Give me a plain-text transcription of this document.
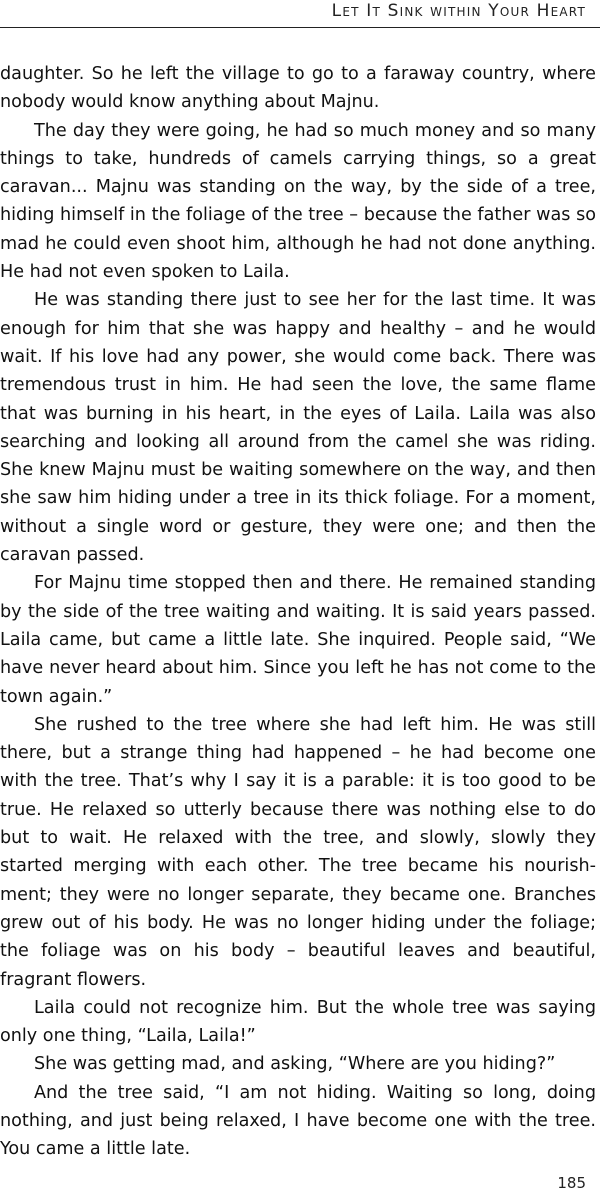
Let It Sink within Your Heart

daughter. So he left the village to go to a faraway country, where nobody would know anything about Majnu.

The day they were going, he had so much money and so many things to take, hundreds of camels carrying things, so a great caravan... Majnu was standing on the way, by the side of a tree, hiding himself in the foliage of the tree – because the father was so mad he could even shoot him, although he had not done anything. He had not even spoken to Laila.

He was standing there just to see her for the last time. It was enough for him that she was happy and healthy – and he would wait. If his love had any power, she would come back. There was tremendous trust in him. He had seen the love, the same flame that was burning in his heart, in the eyes of Laila. Laila was also searching and looking all around from the camel she was riding. She knew Majnu must be waiting somewhere on the way, and then she saw him hiding under a tree in its thick foliage. For a moment, without a single word or gesture, they were one; and then the caravan passed.

For Majnu time stopped then and there. He remained standing by the side of the tree waiting and waiting. It is said years passed. Laila came, but came a little late. She inquired. People said, “We have never heard about him. Since you left he has not come to the town again.”

She rushed to the tree where she had left him. He was still there, but a strange thing had happened – he had become one with the tree. That’s why I say it is a parable: it is too good to be true. He relaxed so utterly because there was nothing else to do but to wait. He relaxed with the tree, and slowly, slowly they started merging with each other. The tree became his nourishment; they were no longer separate, they became one. Branches grew out of his body. He was no longer hiding under the foliage; the foliage was on his body – beautiful leaves and beautiful, fragrant flowers.

Laila could not recognize him. But the whole tree was saying only one thing, “Laila, Laila!”

She was getting mad, and asking, “Where are you hiding?”

And the tree said, “I am not hiding. Waiting so long, doing nothing, and just being relaxed, I have become one with the tree. You came a little late.

185
